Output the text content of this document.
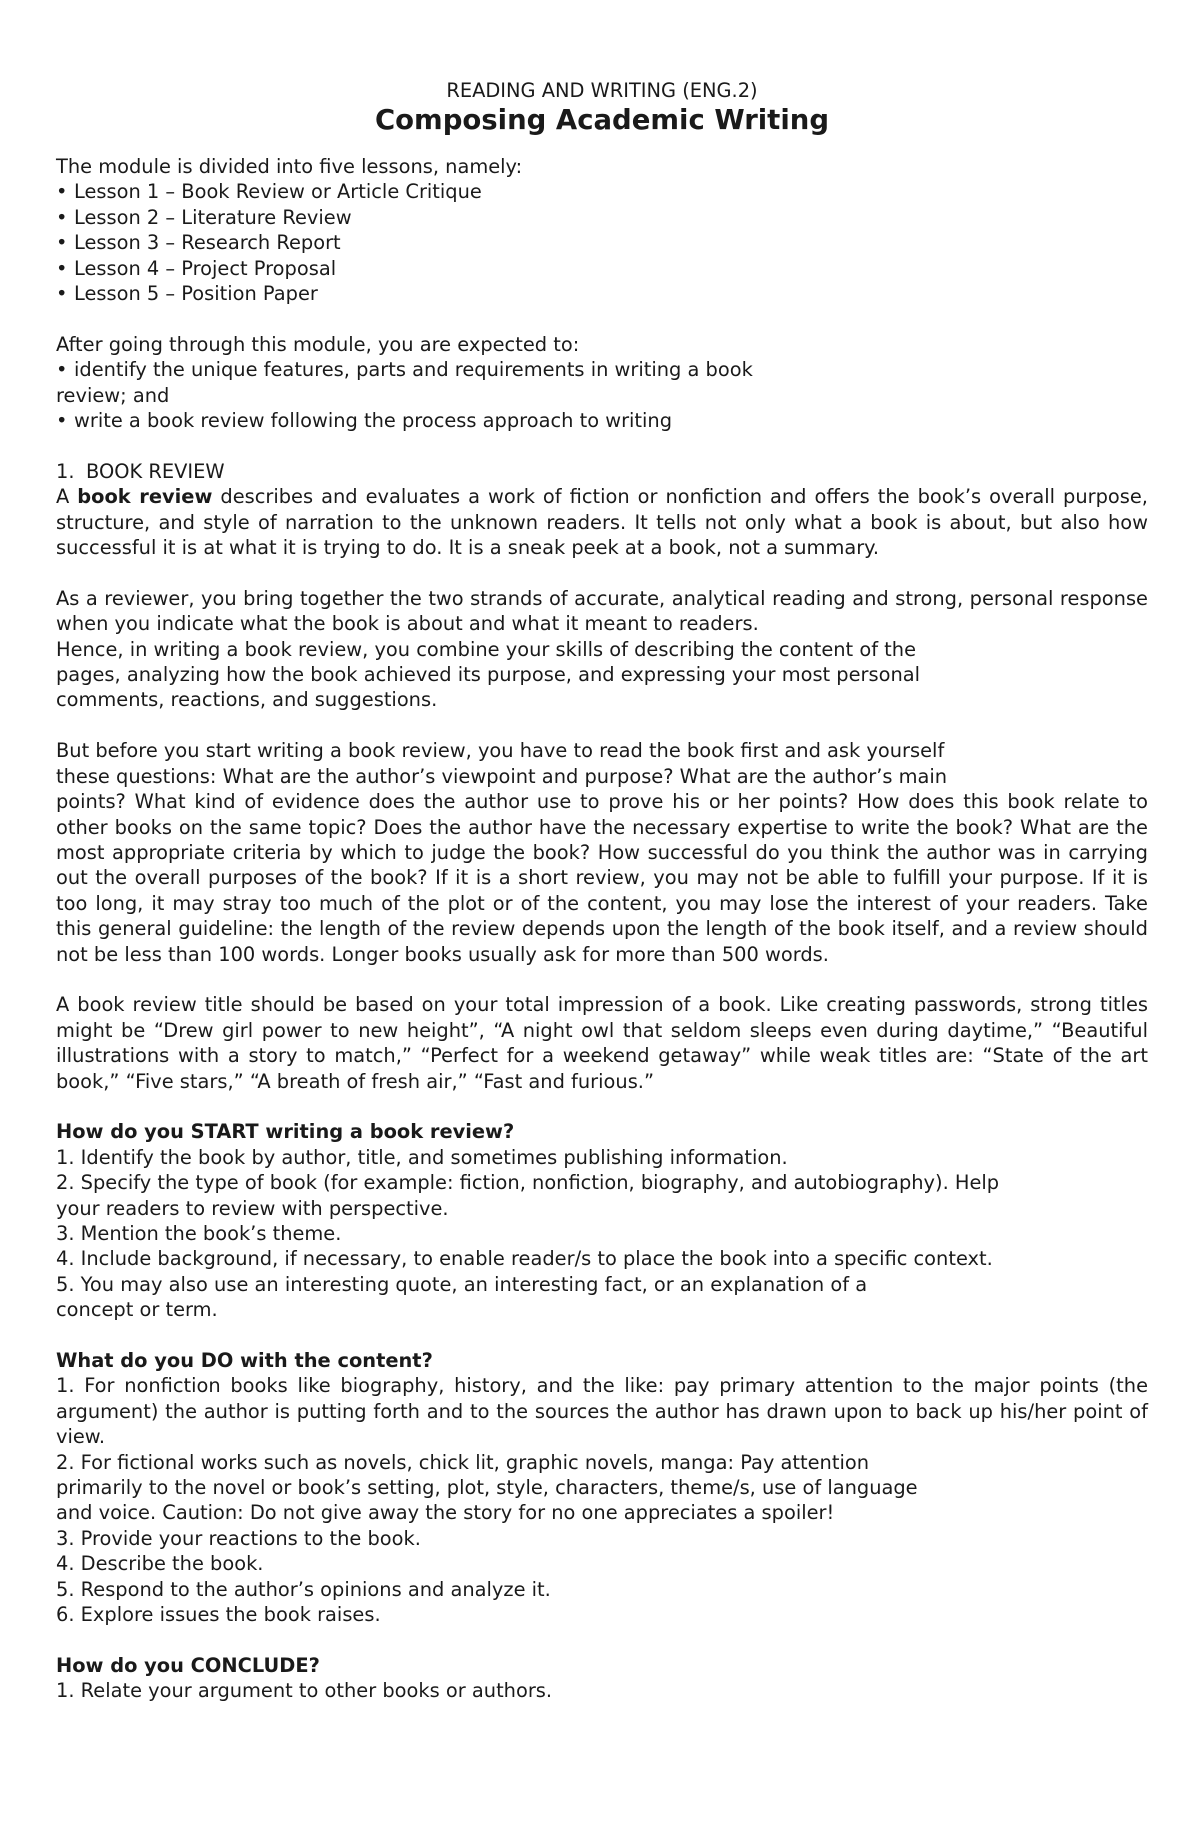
READING AND WRITING (ENG.2)
Composing Academic Writing
The module is divided into five lessons, namely:
• Lesson 1 – Book Review or Article Critique
• Lesson 2 – Literature Review
• Lesson 3 – Research Report
• Lesson 4 – Project Proposal
• Lesson 5 – Position Paper
After going through this module, you are expected to:
• identify the unique features, parts and requirements in writing a book
review; and
• write a book review following the process approach to writing
1. BOOK REVIEW

A book review describes and evaluates a work of fiction or nonfiction and offers the book’s overall purpose, structure, and style of narration to the unknown readers. It tells not only what a book is about, but also how successful it is at what it is trying to do. It is a sneak peek at a book, not a summary.

As a reviewer, you bring together the two strands of accurate, analytical reading and strong, personal response when you indicate what the book is about and what it meant to readers.

Hence, in writing a book review, you combine your skills of describing the content of the
pages, analyzing how the book achieved its purpose, and expressing your most personal
comments, reactions, and suggestions.
But before you start writing a book review, you have to read the book first and ask yourself
these questions: What are the author’s viewpoint and purpose? What are the author’s main

points? What kind of evidence does the author use to prove his or her points? How does this book relate to other books on the same topic? Does the author have the necessary expertise to write the book? What are the most appropriate criteria by which to judge the book? How successful do you think the author was in carrying out the overall purposes of the book? If it is a short review, you may not be able to fulfill your purpose. If it is too long, it may stray too much of the plot or of the content, you may lose the interest of your readers. Take this general guideline: the length of the review depends upon the length of the book itself, and a review should not be less than 100 words. Longer books usually ask for more than 500 words.

A book review title should be based on your total impression of a book. Like creating passwords, strong titles might be “Drew girl power to new height”, “A night owl that seldom sleeps even during daytime,” “Beautiful illustrations with a story to match,” “Perfect for a weekend getaway” while weak titles are: “State of the art book,” “Five stars,” “A breath of fresh air,” “Fast and furious.”

How do you START writing a book review?
1. Identify the book by author, title, and sometimes publishing information.
2. Specify the type of book (for example: fiction, nonfiction, biography, and autobiography). Help
your readers to review with perspective.
3. Mention the book’s theme.
4. Include background, if necessary, to enable reader/s to place the book into a specific context.
5. You may also use an interesting quote, an interesting fact, or an explanation of a
concept or term.
What do you DO with the content?

1. For nonfiction books like biography, history, and the like: pay primary attention to the major points (the argument) the author is putting forth and to the sources the author has drawn upon to back up his/her point of view.

2. For fictional works such as novels, chick lit, graphic novels, manga: Pay attention
primarily to the novel or book’s setting, plot, style, characters, theme/s, use of language
and voice. Caution: Do not give away the story for no one appreciates a spoiler!
3. Provide your reactions to the book.
4. Describe the book.
5. Respond to the author’s opinions and analyze it.
6. Explore issues the book raises.
How do you CONCLUDE?
1. Relate your argument to other books or authors.
